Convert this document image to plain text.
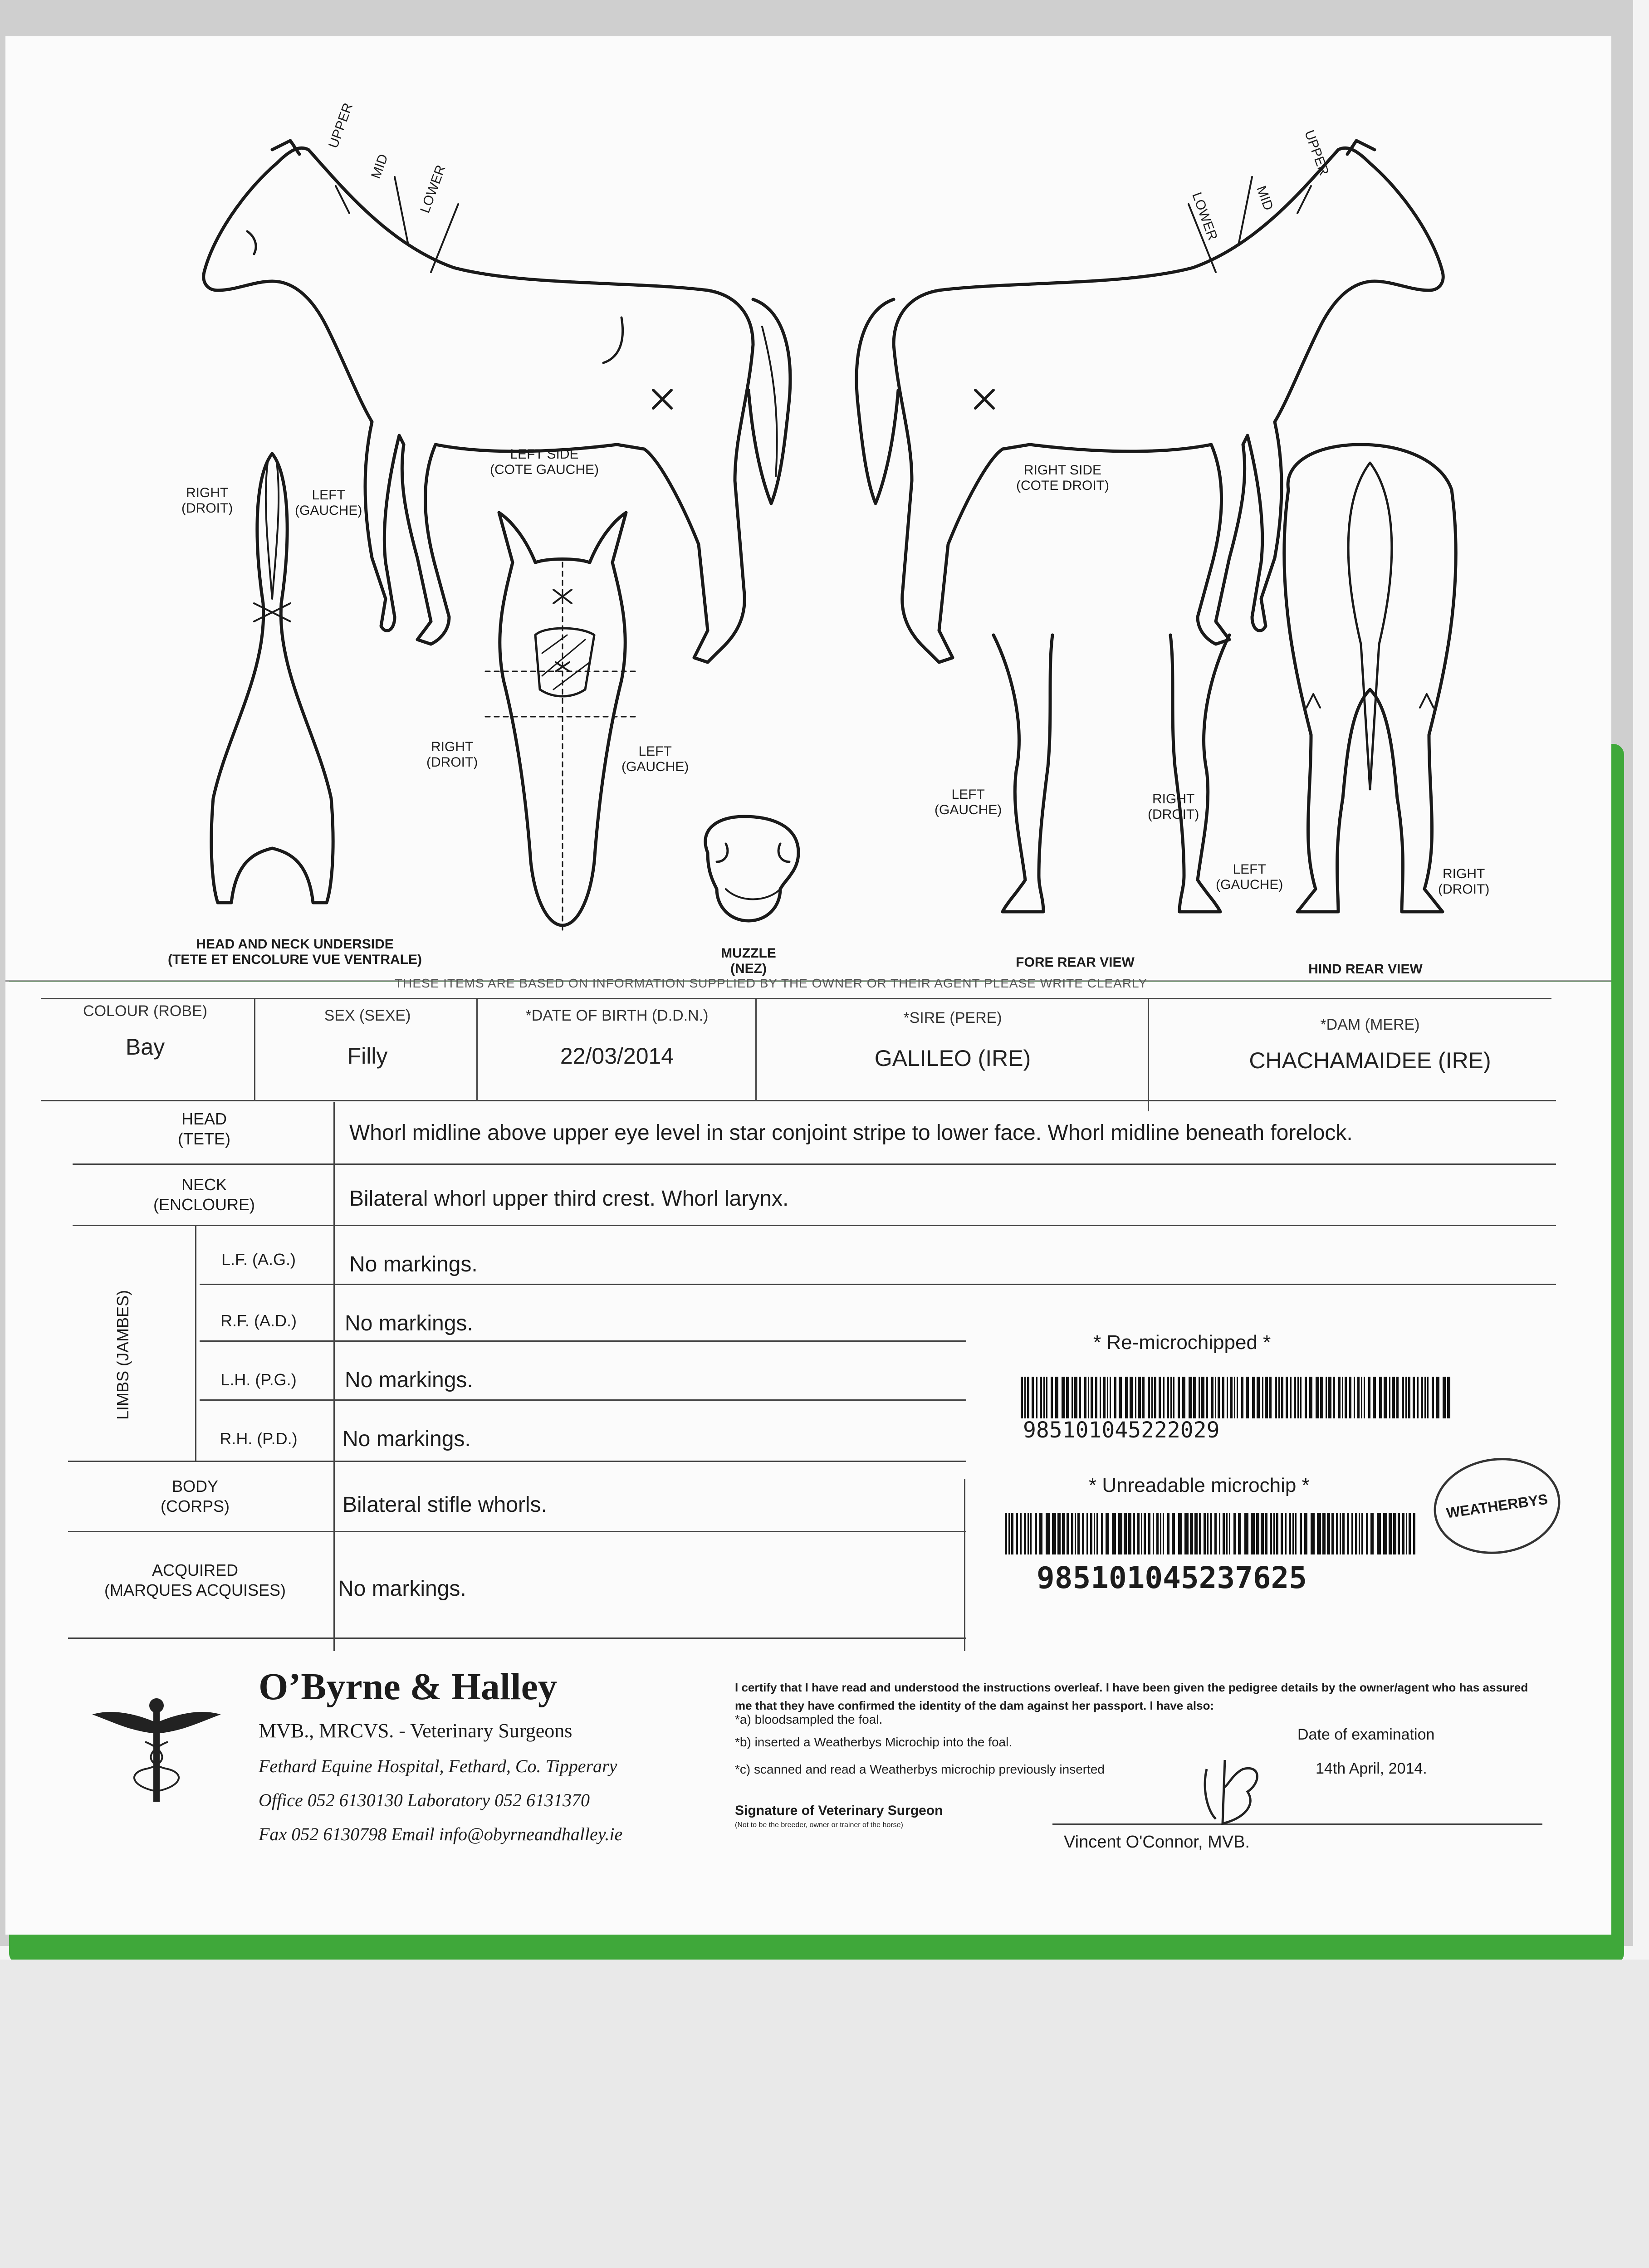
UPPER
MID LOWER
UPPER
MID
LOWER
LEFT SIDE
(COTE GAUCHE)	RIGHT SIDE
(COTE DROIT)
RIGHT
(DROIT)
LEFT
(GAUCHE)
RIGHT
(DROIT)
LEFT
(GAUCHE)
LEFT
(GAUCHE)
RIGHT
(DROIT)
LEFT
(GAUCHE)
RIGHT
(DROIT)
HEAD AND NECK UNDERSIDE
(TETE ET ENCOLURE VUE VENTRALE)	MUZZLE
(NEZ)	FORE REAR VIEW	HIND REAR VIEW
THESE ITEMS ARE BASED ON INFORMATION SUPPLIED BY THE OWNER OR THEIR AGENT PLEASE WRITE CLEARLY
COLOUR (ROBE)
Bay
SEX (SEXE)
Filly
*DATE OF BIRTH (D.D.N.)
22/03/2014
*SIRE (PERE)
GALILEO (IRE)
*DAM (MERE)
CHACHAMAIDEE (IRE)
HEAD
(TETE)	Whorl midline above upper eye level in star conjoint stripe to lower face. Whorl midline beneath forelock.
NECK
(ENCLOURE)	Bilateral whorl upper third crest. Whorl larynx.
LIMBS (JAMBES)
L.F. (A.G.)	No markings.
R.F. (A.D.)	No markings.
L.H. (P.G.)	No markings.
R.H. (P.D.)	No markings.
BODY
(CORPS)	Bilateral stifle whorls.
ACQUIRED
(MARQUES ACQUISES)	No markings.
* Re-microchipped *
985101045222029
* Unreadable microchip *
985101045237625
WEATHERBYS
O’Byrne & Halley
MVB., MRCVS. - Veterinary Surgeons
Fethard Equine Hospital, Fethard, Co. Tipperary
Office 052 6130130 Laboratory 052 6131370
Fax 052 6130798 Email info@obyrneandhalley.ie
I certify that I have read and understood the instructions overleaf. I have been given the pedigree details by the owner/agent who has assured me that they have confirmed the identity of the dam against her passport. I have also:
*a) bloodsampled the foal.
*b) inserted a Weatherbys Microchip into the foal.
*c) scanned and read a Weatherbys microchip previously inserted
Date of examination
14th April, 2014.
Signature of Veterinary Surgeon
(Not to be the breeder, owner or trainer of the horse)
Vincent O'Connor, MVB.
